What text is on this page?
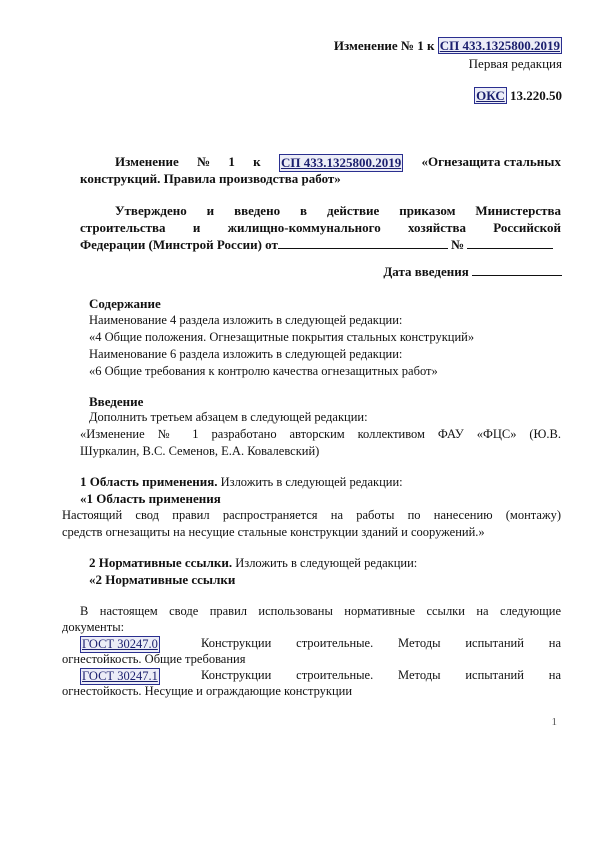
Изменение № 1 к СП 433.1325800.2019
Первая редакция
ОКС 13.220.50
Изменение № 1 к СП 433.1325800.2019 «Огнезащита стальных
конструкций. Правила производства работ»
Утверждено и введено в действие приказом Министерства
строительства и жилищно-коммунального хозяйства Российской
Федерации (Минстрой России) от	№
Дата введения
Содержание
Наименование 4 раздела изложить в следующей редакции:
«4 Общие положения. Огнезащитные покрытия стальных конструкций»
Наименование 6 раздела изложить в следующей редакции:
«6 Общие требования к контролю качества огнезащитных работ»
Введение
Дополнить третьем абзацем в следующей редакции:
«Изменение № 1 разработано авторским коллективом ФАУ «ФЦС» (Ю.В.
Шуркалин, В.С. Семенов, Е.А. Ковалевский)
1 Область применения. Изложить в следующей редакции:
«1 Область применения
Настоящий свод правил распространяется на работы по нанесению (монтажу)
средств огнезащиты на несущие стальные конструкции зданий и сооружений.»
2 Нормативные ссылки. Изложить в следующей редакции:
«2 Нормативные ссылки
В настоящем своде правил использованы нормативные ссылки на следующие
документы:
ГОСТ 30247.0	Конструкции строительные. Методы испытаний на
огнестойкость. Общие требования
ГОСТ 30247.1	Конструкции строительные. Методы испытаний на
огнестойкость. Несущие и ограждающие конструкции
1
